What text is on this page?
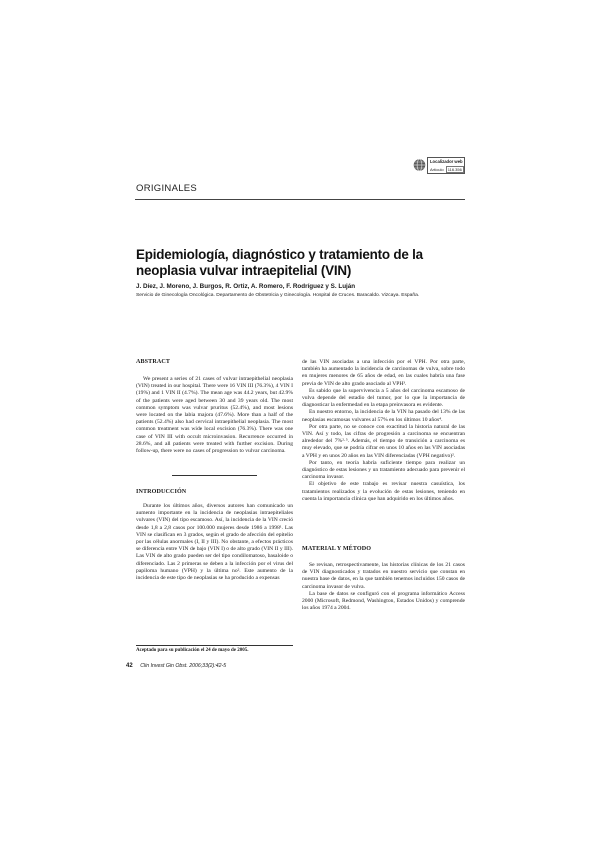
Localizador web
Artículo 116.356
ORIGINALES
Epidemiología, diagnóstico y tratamiento de la neoplasia vulvar intraepitelial (VIN)
J. Díez, J. Moreno, J. Burgos, R. Ortiz, A. Romero, F. Rodríguez y S. Luján
Servicio de Ginecología Oncológica. Departamento de Obstetricia y Ginecología. Hospital de Cruces. Baracaldo. Vizcaya. España.
ABSTRACT

We present a series of 21 cases of vulvar intraepithelial neoplasia (VIN) treated in our hospital. There were 16 VIN III (76.3%), 4 VIN I (19%) and 1 VIN II (4.7%). The mean age was 44.2 years, but 42.9% of the patients were aged between 30 and 39 years old. The most common symptom was vulvar pruritus (52.4%), and most lesions were located on the labia majora (47.6%). More than a half of the patients (52.4%) also had cervical intraepithelial neoplasia. The most common treatment was wide local excision (76.3%). There was one case of VIN III with occult microinvasion. Recurrence occurred in 28.6%, and all patients were treated with further excision. During follow-up, there were no cases of progression to vulvar carcinoma.

INTRODUCCIÓN

Durante los últimos años, diversos autores han comunicado un aumento importante en la incidencia de neoplasias intraepiteliales vulvares (VIN) del tipo escamoso. Así, la incidencia de la VIN creció desde 1,8 a 2,8 casos por 100.000 mujeres desde 1986 a 1998¹. Las VIN se clasifican en 3 grados, según el grado de afección del epitelio por las células anormales (I, II y III). No obstante, a efectos prácticos se diferencia entre VIN de bajo (VIN I) o de alto grado (VIN II y III). Las VIN de alto grado pueden ser del tipo condilomatoso, basaloide o diferenciado. Las 2 primeras se deben a la infección por el virus del papiloma humano (VPH) y la última no². Este aumento de la incidencia de este tipo de neoplasias se ha producido a expensas

Aceptado para su publicación el 24 de mayo de 2005.

de las VIN asociadas a una infección por el VPH. Por otra parte, también ha aumentado la incidencia de carcinomas de vulva, sobre todo en mujeres menores de 65 años de edad, en las cuales habría una fase previa de VIN de alto grado asociado al VPH³.

Es sabido que la supervivencia a 5 años del carcinoma escamoso de vulva depende del estadio del tumor, por lo que la importancia de diagnosticar la enfermedad en la etapa preinvasora es evidente.

En nuestro entorno, la incidencia de la VIN ha pasado del 13% de las neoplasias escamosas vulvares al 57% en los últimos 10 años⁴.

Por otra parte, no se conoce con exactitud la historia natural de las VIN. Así y todo, las cifras de progresión a carcinoma se encuentran alrededor del 7%²·⁵. Además, el tiempo de transición a carcinoma es muy elevado, que se podría cifrar en unos 10 años en las VIN asociadas a VPH y en unos 20 años en las VIN diferenciadas (VPH negativo)².

Por tanto, en teoría habría suficiente tiempo para realizar un diagnóstico de estas lesiones y un tratamiento adecuado para prevenir el carcinoma invasor.

El objetivo de este trabajo es revisar nuestra casuística, los tratamientos realizados y la evolución de estas lesiones, teniendo en cuenta la importancia clínica que han adquirido en los últimos años.

MATERIAL Y MÉTODO

Se revisan, retrospectivamente, las historias clínicas de los 21 casos de VIN diagnosticados y tratados en nuestro servicio que constan en nuestra base de datos, en la que también tenemos incluidos 150 casos de carcinoma invasor de vulva.

La base de datos se configuró con el programa informático Access 2000 (Microsoft, Redmond, Washington, Estados Unidos) y comprende los años 1974 a 2004.

42 Clin Invest Gin Obst. 2006;33(2):42-5
